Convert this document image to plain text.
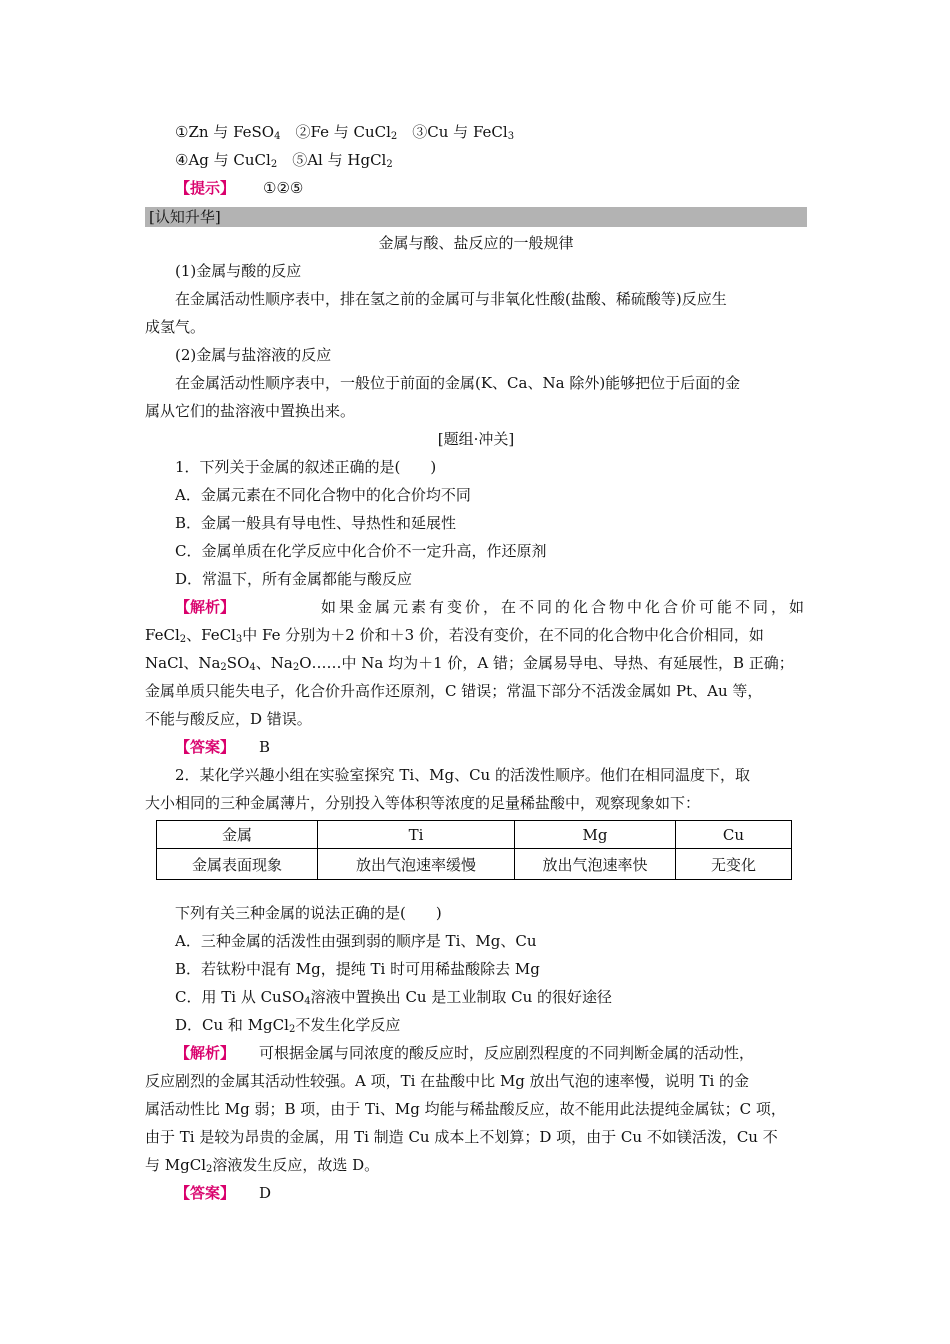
①Zn 与 FeSO$_4$　②Fe 与 CuCl$_2$　③Cu 与 FeCl$_3$
④Ag 与 CuCl$_2$　⑤Al 与 HgCl$_2$
【提示】 ①②⑤
[认知升华]
金属与酸、盐反应的一般规律
(1)金属与酸的反应
在金属活动性顺序表中，排在氢之前的金属可与非氧化性酸(盐酸、稀硫酸等)反应生
成氢气。
(2)金属与盐溶液的反应
在金属活动性顺序表中，一般位于前面的金属(K、Ca、Na 除外)能够把位于后面的金
属从它们的盐溶液中置换出来。
[题组·冲关]
1．下列关于金属的叙述正确的是(　　)
A．金属元素在不同化合物中的化合价均不同
B．金属一般具有导电性、导热性和延展性
C．金属单质在化学反应中化合价不一定升高，作还原剂
D．常温下，所有金属都能与酸反应
【解析】	如果金属元素有变价，在不同的化合物中化合价可能不同，如
FeCl$_2$、FeCl$_3$中 Fe 分别为＋2 价和＋3 价，若没有变价，在不同的化合物中化合价相同，如
NaCl、$Na_2SO_4$、$Na_2O\dots\dots$中 Na 均为＋1 价，A 错；金属易导电、导热、有延展性，B 正确；
金属单质只能失电子，化合价升高作还原剂，C 错误；常温下部分不活泼金属如 Pt、Au 等，
不能与酸反应，D 错误。
【答案】 B
2．某化学兴趣小组在实验室探究 Ti、Mg、Cu 的活泼性顺序。他们在相同温度下，取
大小相同的三种金属薄片，分别投入等体积等浓度的足量稀盐酸中，观察现象如下：
金属	Ti	Mg	Cu
金属表面现象	放出气泡速率缓慢	放出气泡速率快	无变化
下列有关三种金属的说法正确的是(　　)
A．三种金属的活泼性由强到弱的顺序是 Ti、Mg、Cu
B．若钛粉中混有 Mg，提纯 Ti 时可用稀盐酸除去 Mg
C．用 Ti 从 CuSO$_4$溶液中置换出 Cu 是工业制取 Cu 的很好途径
D．Cu 和 MgCl$_2$不发生化学反应
【解析】 可根据金属与同浓度的酸反应时，反应剧烈程度的不同判断金属的活动性，
反应剧烈的金属其活动性较强。A 项，Ti 在盐酸中比 Mg 放出气泡的速率慢，说明 Ti 的金
属活动性比 Mg 弱；B 项，由于 Ti、Mg 均能与稀盐酸反应，故不能用此法提纯金属钛；C 项，
由于 Ti 是较为昂贵的金属，用 Ti 制造 Cu 成本上不划算；D 项，由于 Cu 不如镁活泼，Cu 不
与 MgCl$_2$溶液发生反应，故选 D。
【答案】 D
